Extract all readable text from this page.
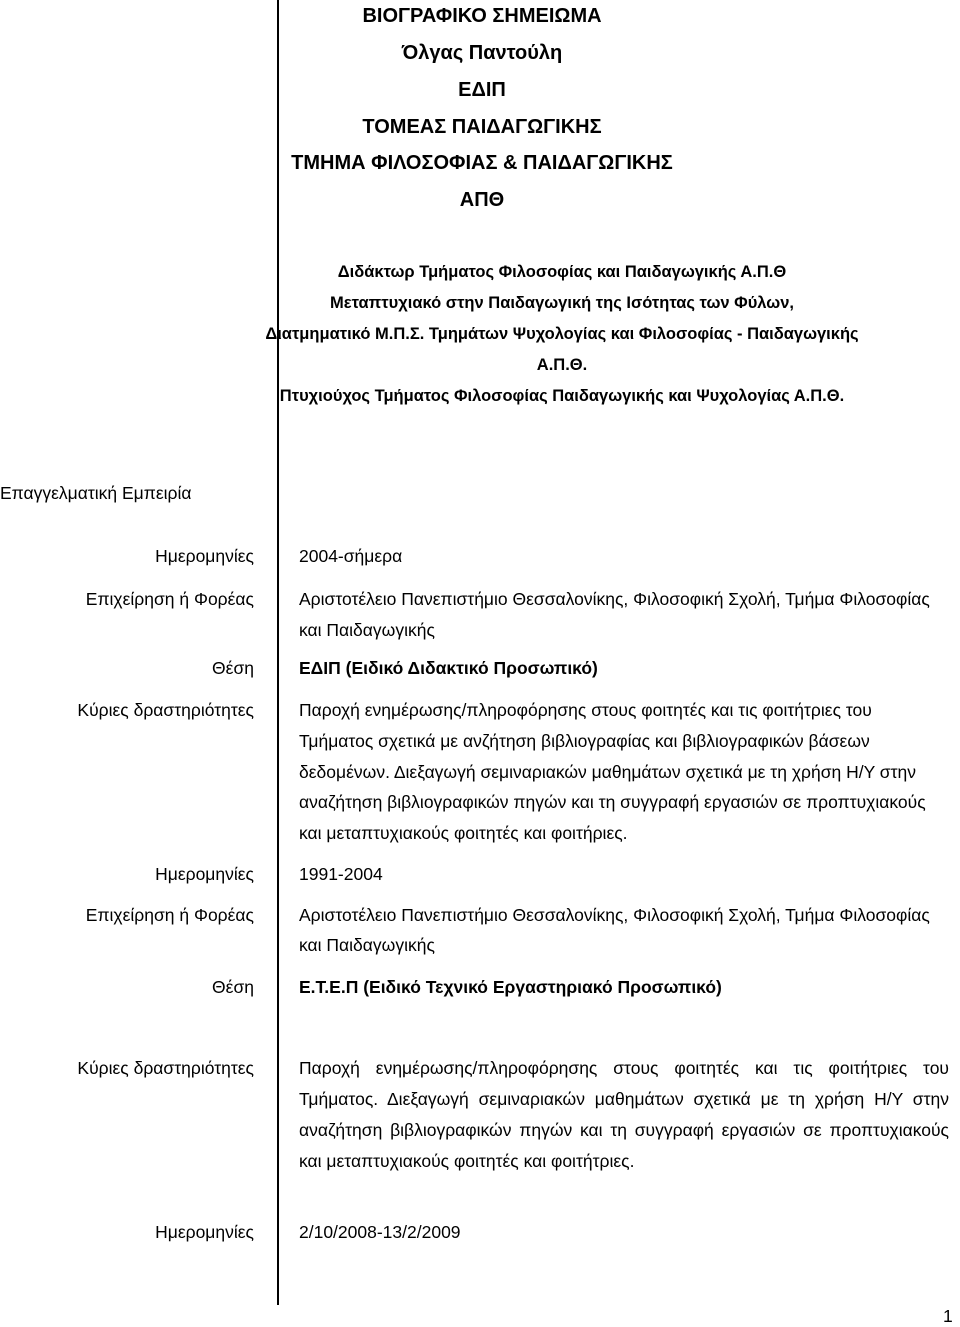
ΒΙΟΓΡΑΦΙΚΟ ΣΗΜΕΙΩΜΑ
Όλγας Παντούλη
ΕΔΙΠ
ΤΟΜΕΑΣ ΠΑΙΔΑΓΩΓΙΚΗΣ
ΤΜΗΜΑ ΦΙΛΟΣΟΦΙΑΣ & ΠΑΙΔΑΓΩΓΙΚΗΣ
ΑΠΘ
Διδάκτωρ Τμήματος Φιλοσοφίας και Παιδαγωγικής Α.Π.Θ
Μεταπτυχιακό στην Παιδαγωγική της Ισότητας των Φύλων,
Διατμηματικό Μ.Π.Σ. Τμημάτων Ψυχολογίας και Φιλοσοφίας - Παιδαγωγικής
Α.Π.Θ.
Πτυχιούχος Τμήματος Φιλοσοφίας Παιδαγωγικής και Ψυχολογίας Α.Π.Θ.
Επαγγελματική Εμπειρία
Ημερομηνίες	2004-σήμερα
Επιχείρηση ή Φορέας	Αριστοτέλειο Πανεπιστήμιο Θεσσαλονίκης, Φιλοσοφική Σχολή, Τμήμα Φιλοσοφίας
και Παιδαγωγικής
Θέση	ΕΔΙΠ (Ειδικό Διδακτικό Προσωπικό)
Κύριες δραστηριότητες	Παροχή ενημέρωσης/πληροφόρησης στους φοιτητές και τις φοιτήτριες του
Τμήματος σχετικά με ανζήτηση βιβλιογραφίας και βιβλιογραφικών βάσεων
δεδομένων. Διεξαγωγή σεμιναριακών μαθημάτων σχετικά με τη χρήση Η/Υ στην
αναζήτηση βιβλιογραφικών πηγών και τη συγγραφή εργασιών σε προπτυχιακούς
και μεταπτυχιακούς φοιτητές και φοιτήριες.
Ημερομηνίες	1991-2004
Επιχείρηση ή Φορέας	Αριστοτέλειο Πανεπιστήμιο Θεσσαλονίκης, Φιλοσοφική Σχολή, Τμήμα Φιλοσοφίας
και Παιδαγωγικής
Θέση	Ε.Τ.Ε.Π (Ειδικό Τεχνικό Εργαστηριακό Προσωπικό)
Κύριες δραστηριότητες	Παροχή ενημέρωσης/πληροφόρησης στους φοιτητές και τις φοιτήτριες του
Τμήματος. Διεξαγωγή σεμιναριακών μαθημάτων σχετικά με τη χρήση Η/Υ στην
αναζήτηση βιβλιογραφικών πηγών και τη συγγραφή εργασιών σε προπτυχιακούς
και μεταπτυχιακούς φοιτητές και φοιτήτριες.
Ημερομηνίες	2/10/2008-13/2/2009
1
